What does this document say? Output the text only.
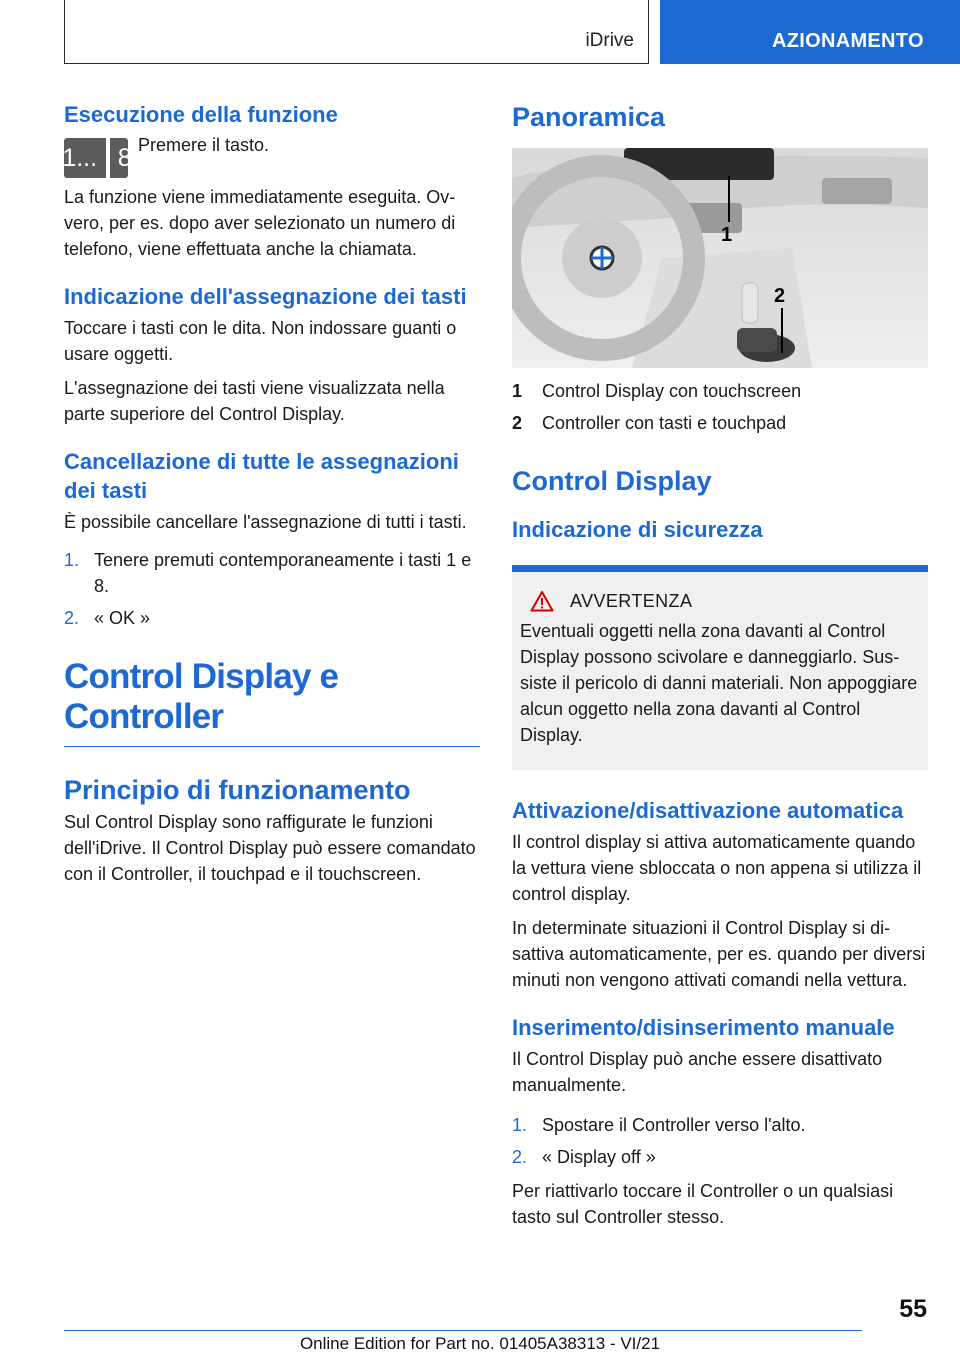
iDrive	AZIONAMENTO
Esecuzione della funzione
1... 8 Premere il tasto.

La funzione viene immediatamente eseguita. Ovvero, per es. dopo aver selezionato un numero di telefono, viene effettuata anche la chiamata.

Indicazione dell'assegnazione dei tasti

Toccare i tasti con le dita. Non indossare guanti o usare oggetti.

L'assegnazione dei tasti viene visualizzata nella parte superiore del Control Display.

Cancellazione di tutte le assegnazioni dei tasti

È possibile cancellare l'assegnazione di tutti i tasti.

1. Tenere premuti contemporaneamente i tasti 1 e 8.
2. « OK »
Control Display e Controller
Principio di funzionamento

Sul Control Display sono raffigurate le funzioni dell'iDrive. Il Control Display può essere comandato con il Controller, il touchpad e il touchscreen.

Panoramica
1
2
1	Control Display con touchscreen
2	Controller con tasti e touchpad
Control Display
Indicazione di sicurezza
AVVERTENZA

Eventuali oggetti nella zona davanti al Control Display possono scivolare e danneggiarlo. Sussiste il pericolo di danni materiali. Non appoggiare alcun oggetto nella zona davanti al Control Display.

Attivazione/disattivazione automatica

Il control display si attiva automaticamente quando la vettura viene sbloccata o non appena si utilizza il control display.

In determinate situazioni il Control Display si disattiva automaticamente, per es. quando per diversi minuti non vengono attivati comandi nella vettura.

Inserimento/disinserimento manuale

Il Control Display può anche essere disattivato manualmente.

1. Spostare il Controller verso l'alto.
2. « Display off »

Per riattivarlo toccare il Controller o un qualsiasi tasto sul Controller stesso.

55
Online Edition for Part no. 01405A38313 - VI/21
